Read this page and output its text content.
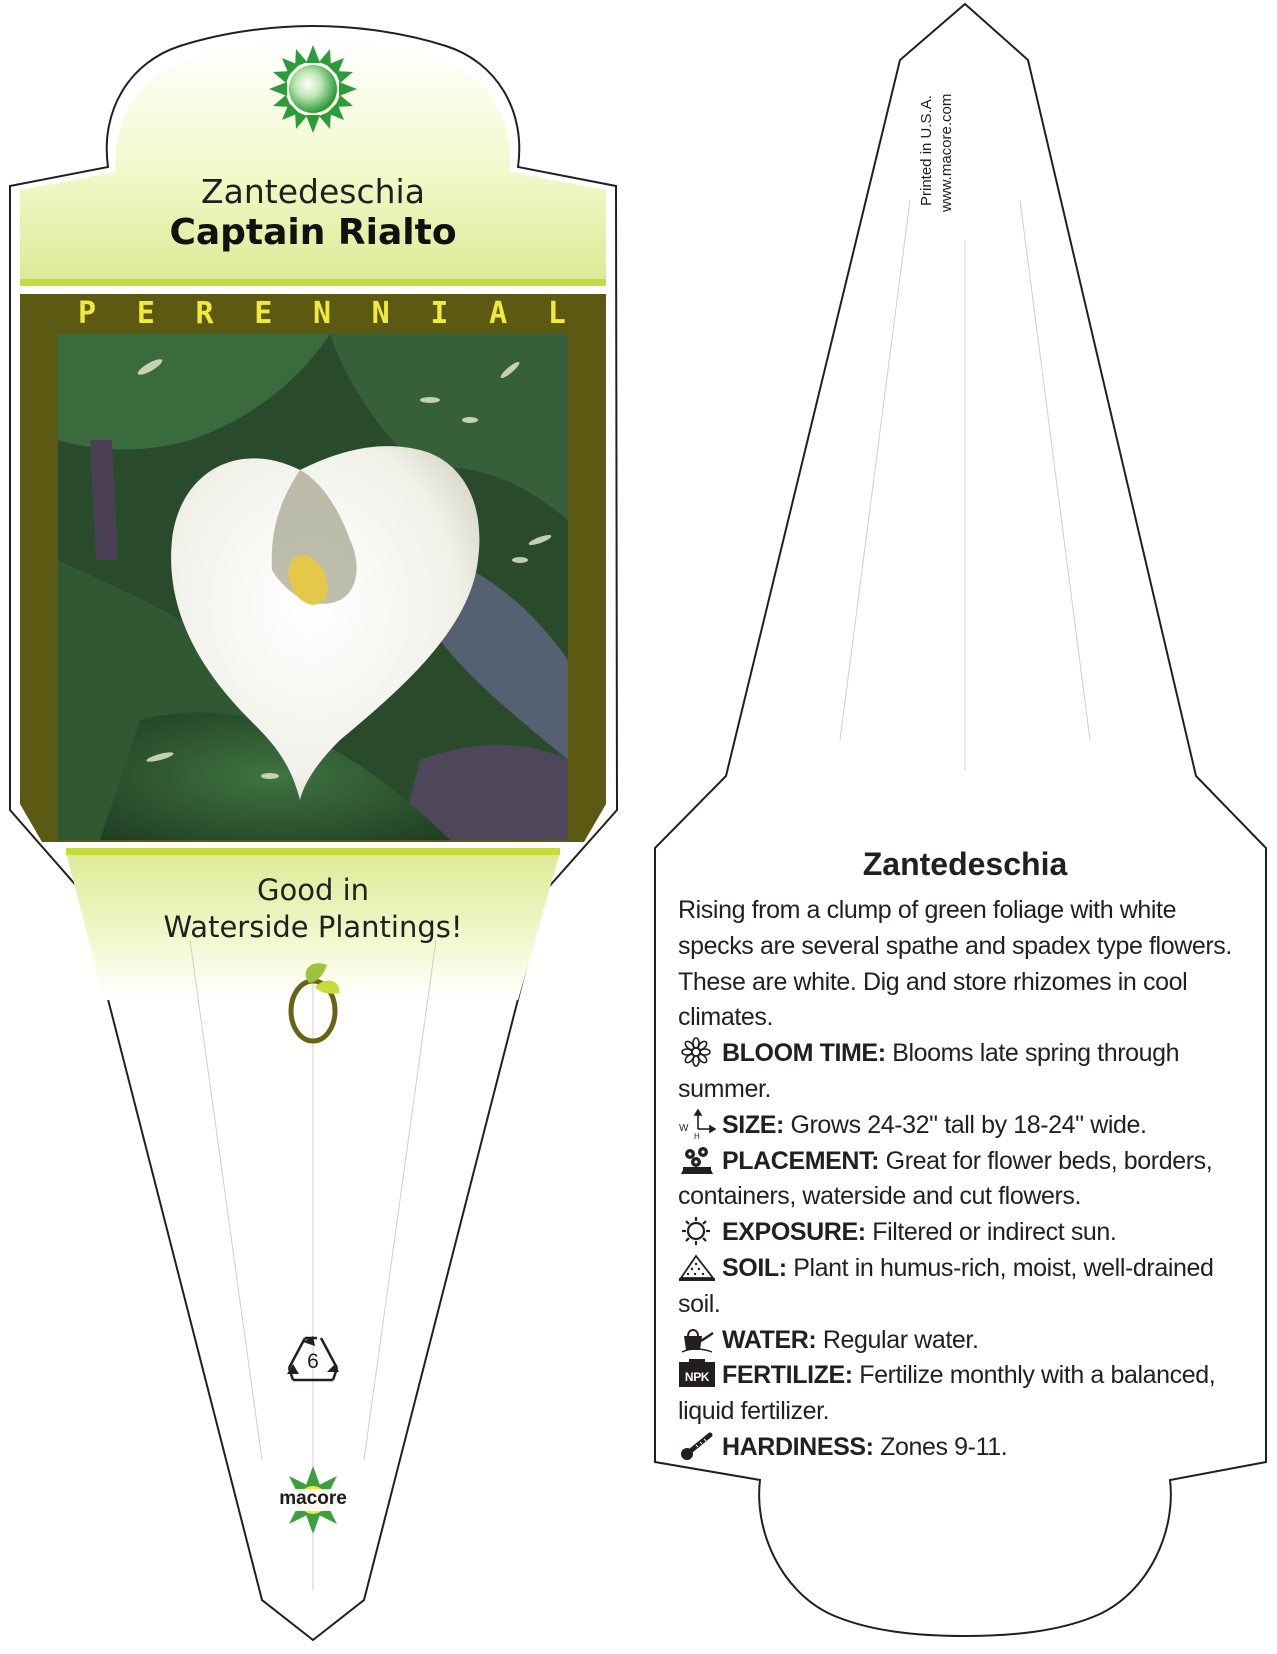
Zantedeschia
Captain Rialto
P E R E N N I A L
Good in
Waterside Plantings!
6
macore
Printed in U.S.A. www.macore.com
Zantedeschia

Rising from a clump of green foliage with white specks are several spathe and spadex type flowers. These are white. Dig and store rhizomes in cool climates.

BLOOM TIME: Blooms late spring through summer.

W
H SIZE: Grows 24-32" tall by 18-24" wide.

PLACEMENT: Great for flower beds, borders, containers, waterside and cut flowers.

EXPOSURE: Filtered or indirect sun.

SOIL: Plant in humus-rich, moist, well-drained soil.

WATER: Regular water.

NPK FERTILIZE: Fertilize monthly with a balanced, liquid fertilizer.

HARDINESS: Zones 9-11.
